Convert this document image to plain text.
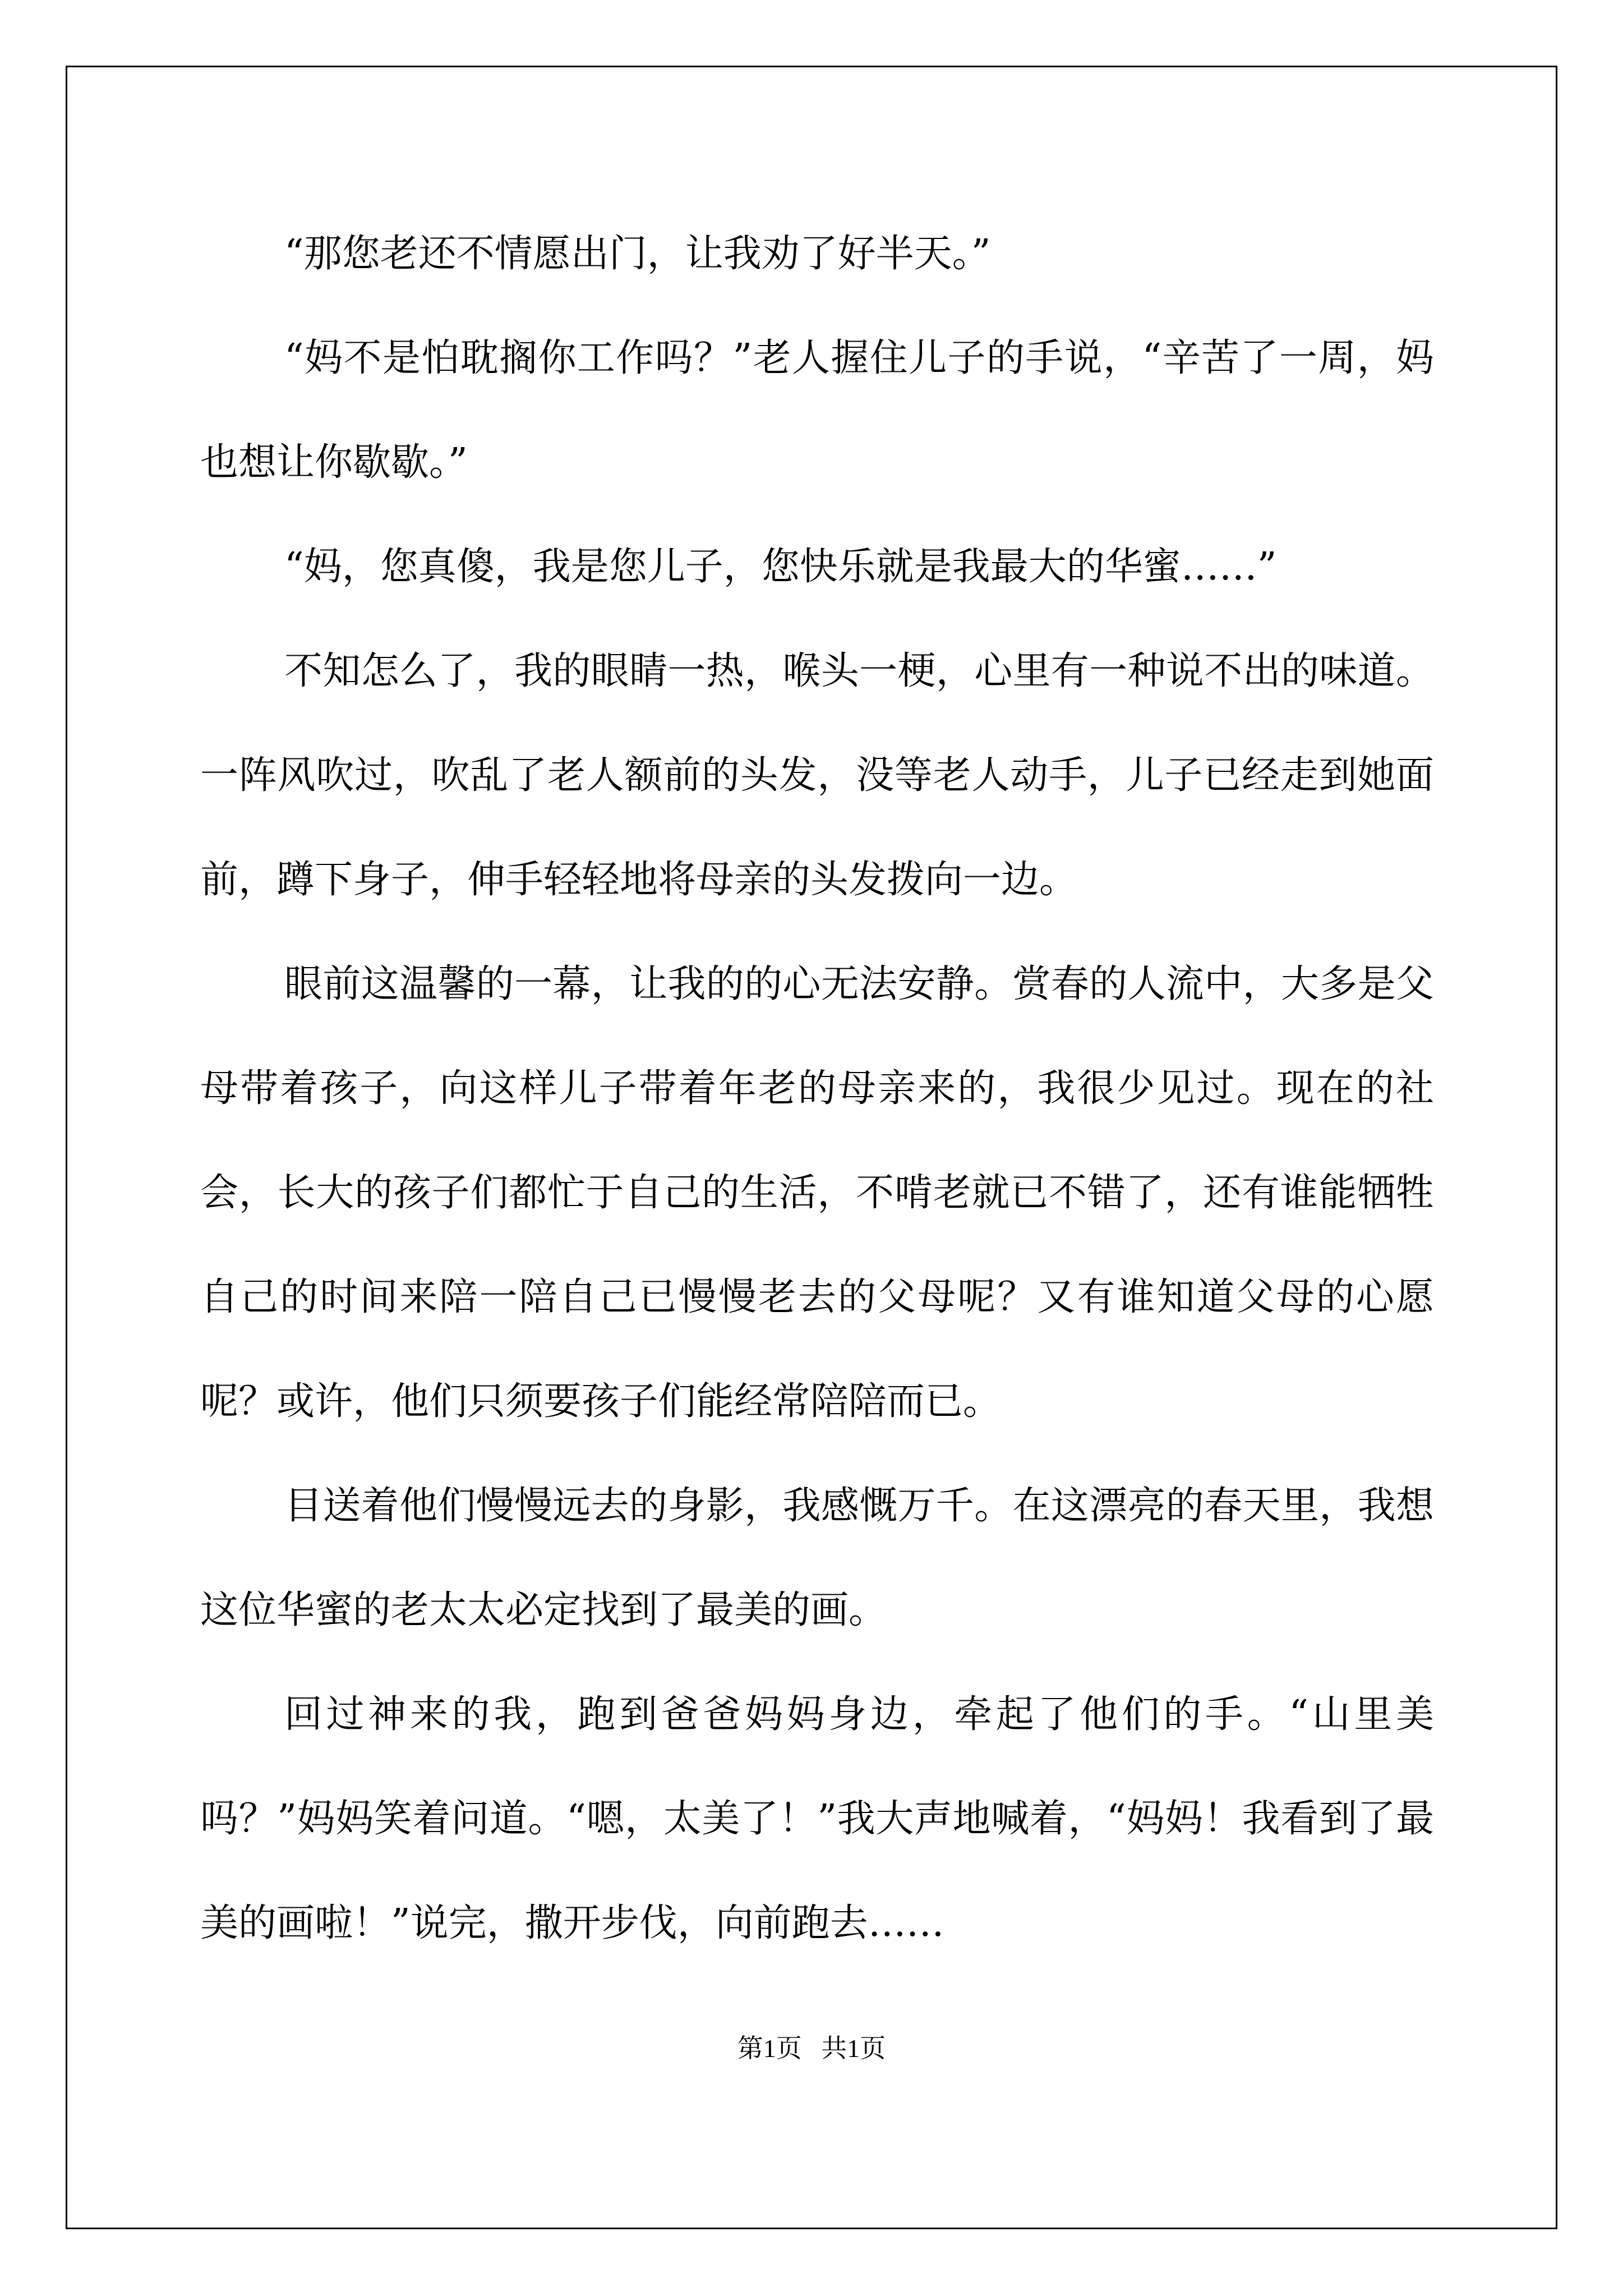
“那您老还不情愿出门，让我劝了好半天。”

“妈不是怕耽搁你工作吗？”老人握住儿子的手说，“辛苦了一周，妈也想让你歇歇。”

“妈，您真傻，我是您儿子，您快乐就是我最大的华蜜……”

不知怎么了，我的眼睛一热，喉头一梗，心里有一种说不出的味道。一阵风吹过，吹乱了老人额前的头发，没等老人动手，儿子已经走到她面前，蹲下身子，伸手轻轻地将母亲的头发拨向一边。

眼前这温馨的一幕，让我的的心无法安静。赏春的人流中，大多是父母带着孩子，向这样儿子带着年老的母亲来的，我很少见过。现在的社会，长大的孩子们都忙于自己的生活，不啃老就已不错了，还有谁能牺牲自己的时间来陪一陪自己已慢慢老去的父母呢？又有谁知道父母的心愿呢？或许，他们只须要孩子们能经常陪陪而已。

目送着他们慢慢远去的身影，我感慨万千。在这漂亮的春天里，我想这位华蜜的老太太必定找到了最美的画。

回过神来的我，跑到爸爸妈妈身边，牵起了他们的手。“山里美吗？”妈妈笑着问道。“嗯，太美了！”我大声地喊着，“妈妈！我看到了最美的画啦！”说完，撒开步伐，向前跑去……

第1页 共1页
